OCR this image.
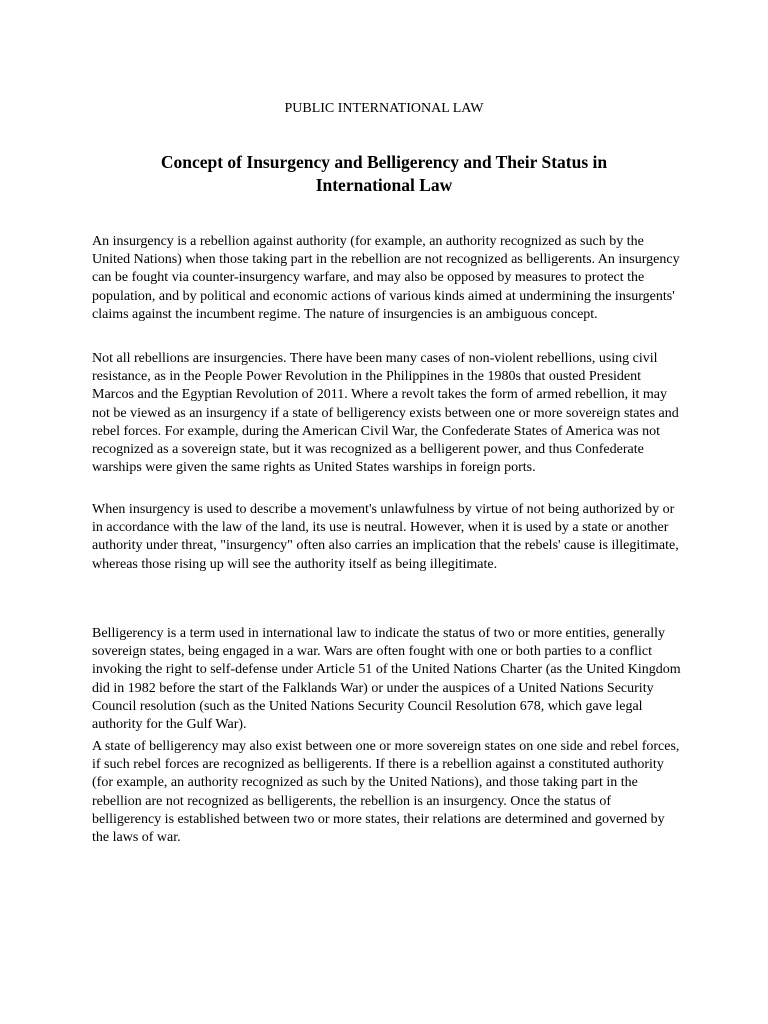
PUBLIC INTERNATIONAL LAW
Concept of Insurgency and Belligerency and Their Status in
International Law

An insurgency is a rebellion against authority (for example, an authority recognized as such by the United Nations) when those taking part in the rebellion are not recognized as belligerents. An insurgency can be fought via counter-insurgency warfare, and may also be opposed by measures to protect the population, and by political and economic actions of various kinds aimed at undermining the insurgents' claims against the incumbent regime. The nature of insurgencies is an ambiguous concept.

Not all rebellions are insurgencies. There have been many cases of non-violent rebellions, using civil resistance, as in the People Power Revolution in the Philippines in the 1980s that ousted President Marcos and the Egyptian Revolution of 2011. Where a revolt takes the form of armed rebellion, it may not be viewed as an insurgency if a state of belligerency exists between one or more sovereign states and rebel forces. For example, during the American Civil War, the Confederate States of America was not recognized as a sovereign state, but it was recognized as a belligerent power, and thus Confederate warships were given the same rights as United States warships in foreign ports.

When insurgency is used to describe a movement's unlawfulness by virtue of not being authorized by or in accordance with the law of the land, its use is neutral. However, when it is used by a state or another authority under threat, "insurgency" often also carries an implication that the rebels' cause is illegitimate, whereas those rising up will see the authority itself as being illegitimate.

Belligerency is a term used in international law to indicate the status of two or more entities, generally sovereign states, being engaged in a war. Wars are often fought with one or both parties to a conflict invoking the right to self-defense under Article 51 of the United Nations Charter (as the United Kingdom did in 1982 before the start of the Falklands War) or under the auspices of a United Nations Security Council resolution (such as the United Nations Security Council Resolution 678, which gave legal authority for the Gulf War).

A state of belligerency may also exist between one or more sovereign states on one side and rebel forces, if such rebel forces are recognized as belligerents. If there is a rebellion against a constituted authority (for example, an authority recognized as such by the United Nations), and those taking part in the rebellion are not recognized as belligerents, the rebellion is an insurgency. Once the status of belligerency is established between two or more states, their relations are determined and governed by the laws of war.
